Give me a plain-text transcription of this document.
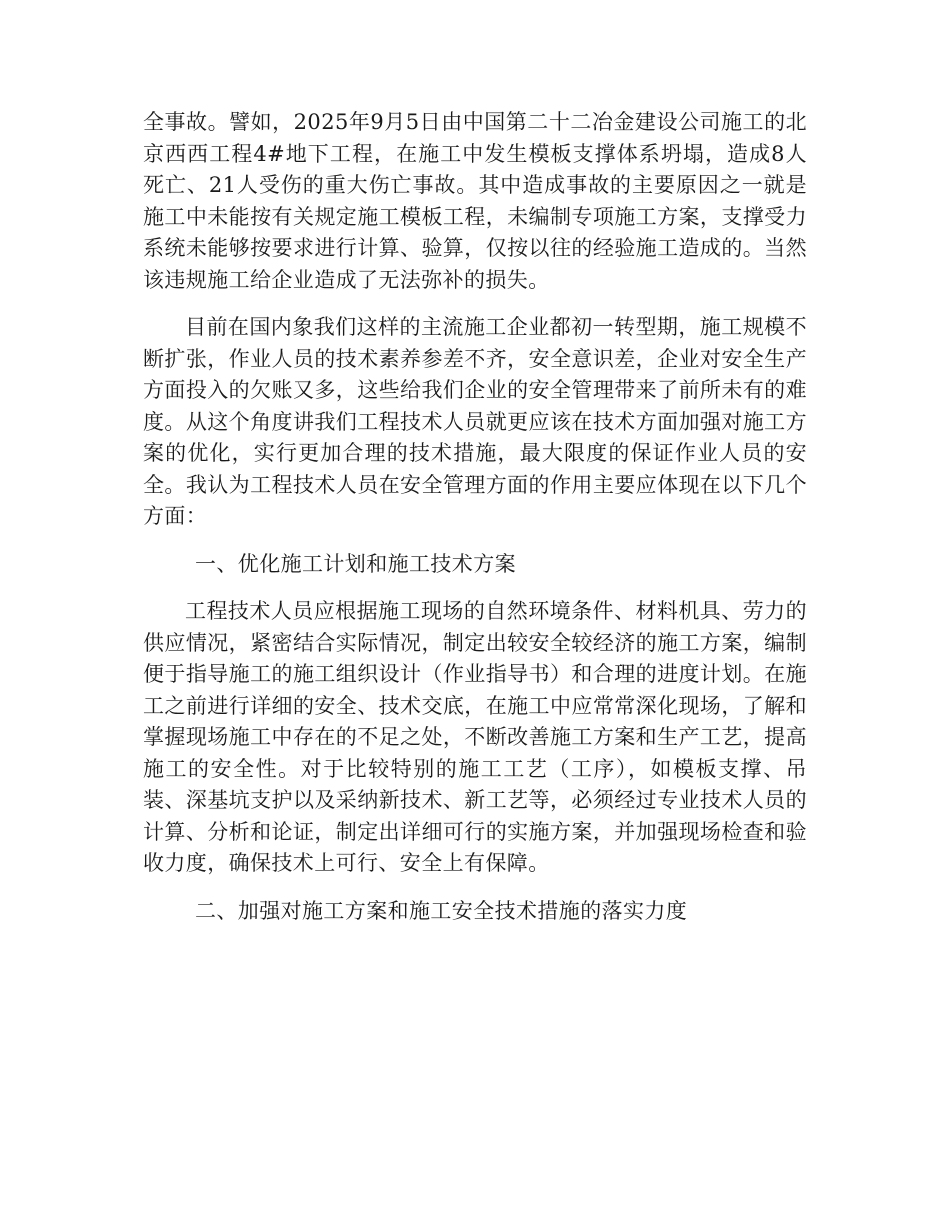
全事故。譬如，2025年9月5日由中国第二十二冶金建设公司施工的北京西西工程4#地下工程，在施工中发生模板支撑体系坍塌，造成8人死亡、21人受伤的重大伤亡事故。其中造成事故的主要原因之一就是施工中未能按有关规定施工模板工程，未编制专项施工方案，支撑受力系统未能够按要求进行计算、验算，仅按以往的经验施工造成的。当然该违规施工给企业造成了无法弥补的损失。

目前在国内象我们这样的主流施工企业都初一转型期，施工规模不断扩张，作业人员的技术素养参差不齐，安全意识差，企业对安全生产方面投入的欠账又多，这些给我们企业的安全管理带来了前所未有的难度。从这个角度讲我们工程技术人员就更应该在技术方面加强对施工方案的优化，实行更加合理的技术措施，最大限度的保证作业人员的安全。我认为工程技术人员在安全管理方面的作用主要应体现在以下几个方面：

一、优化施工计划和施工技术方案

工程技术人员应根据施工现场的自然环境条件、材料机具、劳力的供应情况，紧密结合实际情况，制定出较安全较经济的施工方案，编制便于指导施工的施工组织设计（作业指导书）和合理的进度计划。在施工之前进行详细的安全、技术交底，在施工中应常常深化现场，了解和掌握现场施工中存在的不足之处，不断改善施工方案和生产工艺，提高施工的安全性。对于比较特别的施工工艺（工序），如模板支撑、吊装、深基坑支护以及采纳新技术、新工艺等，必须经过专业技术人员的计算、分析和论证，制定出详细可行的实施方案，并加强现场检查和验收力度，确保技术上可行、安全上有保障。

二、加强对施工方案和施工安全技术措施的落实力度
